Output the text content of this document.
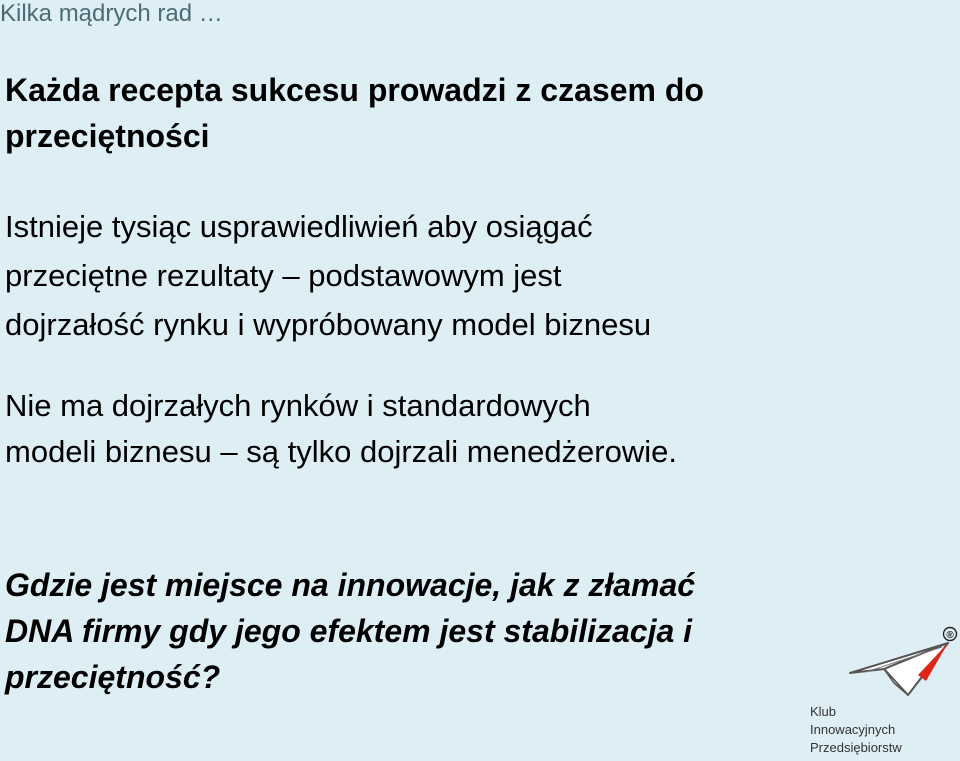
Kilka mądrych rad …

Każda recepta sukcesu prowadzi z czasem do
przeciętności

Istnieje tysiąc usprawiedliwień aby osiągać
przeciętne rezultaty – podstawowym jest
dojrzałość rynku i wypróbowany model biznesu

Nie ma dojrzałych rynków i standardowych
modeli biznesu – są tylko dojrzali menedżerowie.

Gdzie jest miejsce na innowacje, jak z złamać
DNA firmy gdy jego efektem jest stabilizacja i
przeciętność?

®
Klub
Innowacyjnych
Przedsiębiorstw
